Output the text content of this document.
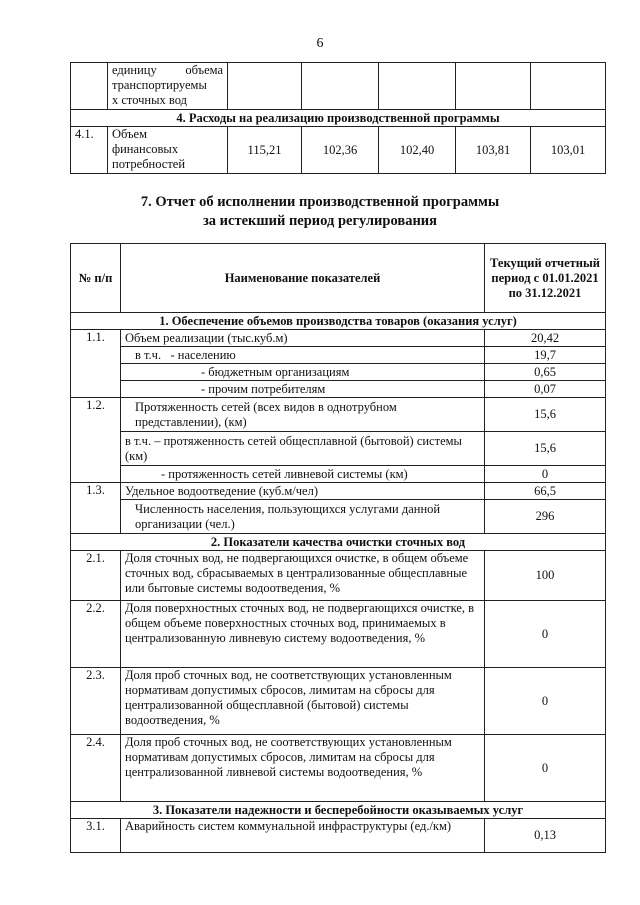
6

	единицу объема
транспортируемы
х сточных вод					

4. Расходы на реализацию производственной программы						
4.1.	Объем
финансовых
потребностей	115,21	102,36	102,40	103,81	103,01
7. Отчет об исполнении производственной программы
за истекший период регулирования
№ п/п	Наименование показателей	Текущий отчетный период с 01.01.2021 по 31.12.2021
1. Обеспечение объемов производства товаров (оказания услуг)		
1.1.	Объем реализации (тыс.куб.м)	20,42
	в т.ч.   - населению	19,7
	- бюджетным организациям	0,65
	- прочим потребителям	0,07
1.2.	Протяженность сетей (всех видов в однотрубном представлении), (км)	15,6
	в т.ч. – протяженность сетей общесплавной (бытовой) системы (км)	15,6
	- протяженность сетей ливневой системы (км)	0
1.3.	Удельное водоотведение (куб.м/чел)	66,5
	Численность населения, пользующихся услугами данной организации (чел.)	296
2. Показатели качества очистки сточных вод		
2.1.	Доля сточных вод, не подвергающихся очистке, в общем объеме сточных вод, сбрасываемых в централизованные общесплавные или бытовые системы водоотведения, %	100
2.2.	Доля поверхностных сточных вод, не подвергающихся очистке, в общем объеме поверхностных сточных вод, принимаемых в централизованную ливневую систему водоотведения, %	0
2.3.	Доля проб сточных вод, не соответствующих установленным нормативам допустимых сбросов, лимитам на сбросы для централизованной общесплавной (бытовой) системы водоотведения, %	0
2.4.	Доля проб сточных вод, не соответствующих установленным нормативам допустимых сбросов, лимитам на сбросы для централизованной ливневой системы водоотведения, %	0
3. Показатели надежности и бесперебойности оказываемых услуг		
3.1.	Аварийность систем коммунальной инфраструктуры (ед./км)	0,13
